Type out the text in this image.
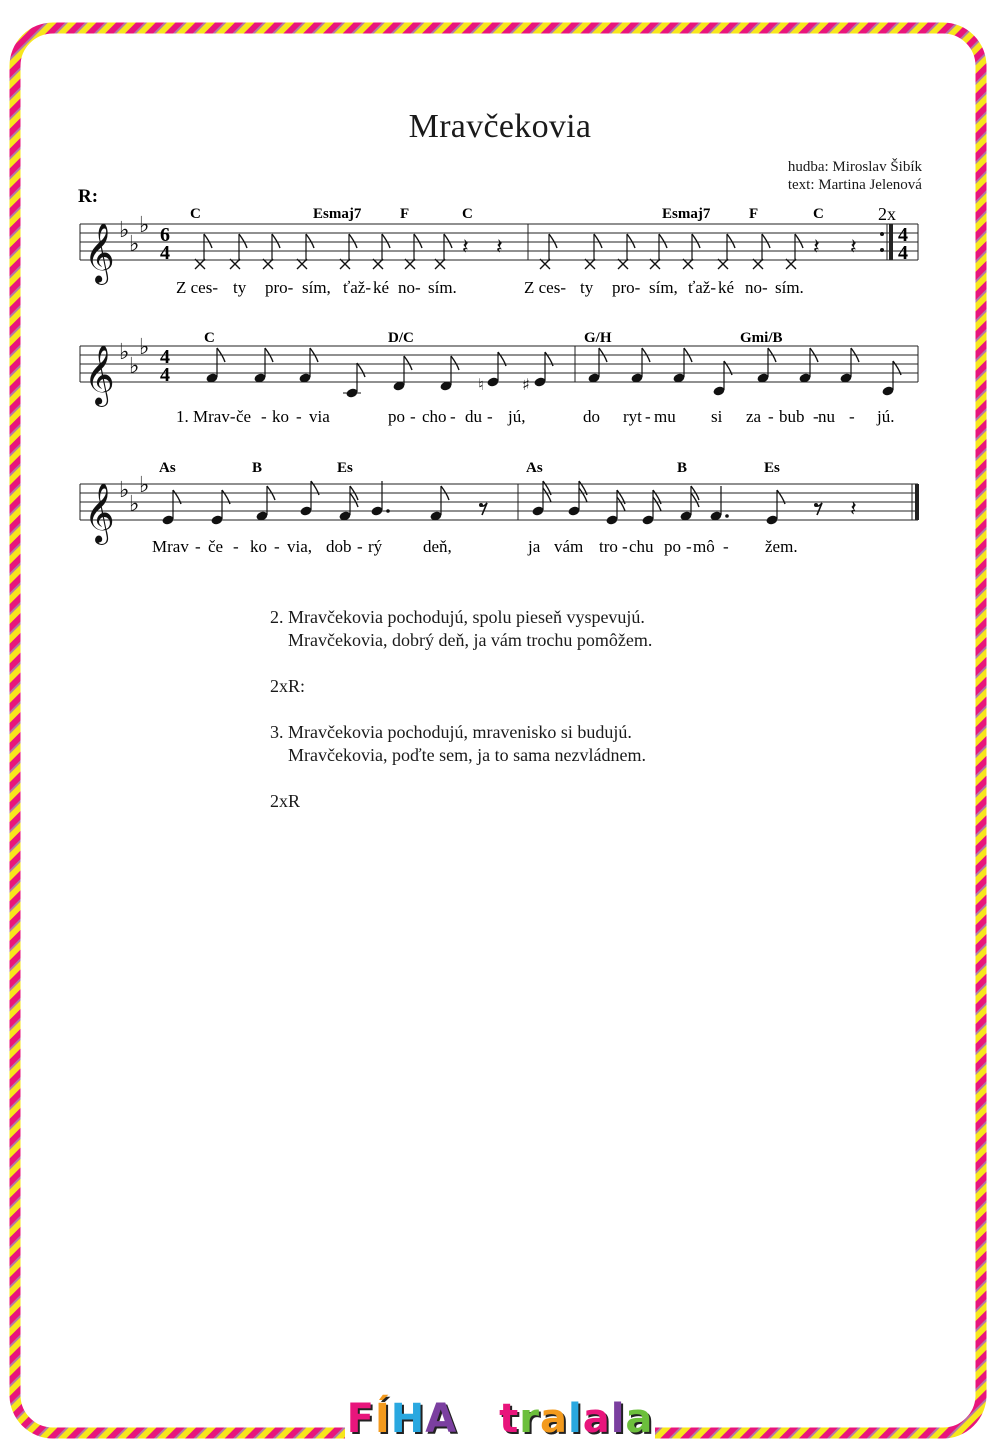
Mravčekovia
hudba: Miroslav Šibík
text: Martina Jelenová
R:
2x
𝄞
𝄞
𝄞
♭
♭
♭
♭
♭
♭
♭
♭
♭
6
4
4
4
4
4
C	Esmaj7	F	C	Esmaj7	F	C
C	D/C	G/H	Gmi/B
As	B	Es	As	B	Es
𝄽 𝄽	𝄽 𝄽
♮ ♯
𝄽
Z ces- ty pro- sím, ťaž- ké no- sím.	Z ces- ty pro- sím, ťaž- ké no- sím.
1. Mrav- če - ko - via	po - cho - du - jú,	do ryt - mu si za - bub - nu - jú.
Mrav - če - ko - via, dob - rý deň,	ja vám tro - chu po - mô - žem.
2. Mravčekovia pochodujú, spolu pieseň vyspevujú.
Mravčekovia, dobrý deň, ja vám trochu pomôžem.
2xR:
3. Mravčekovia pochodujú, mravenisko si budujú.
Mravčekovia, poďte sem, ja to sama nezvládnem.
2xR
FÍHA tralala
